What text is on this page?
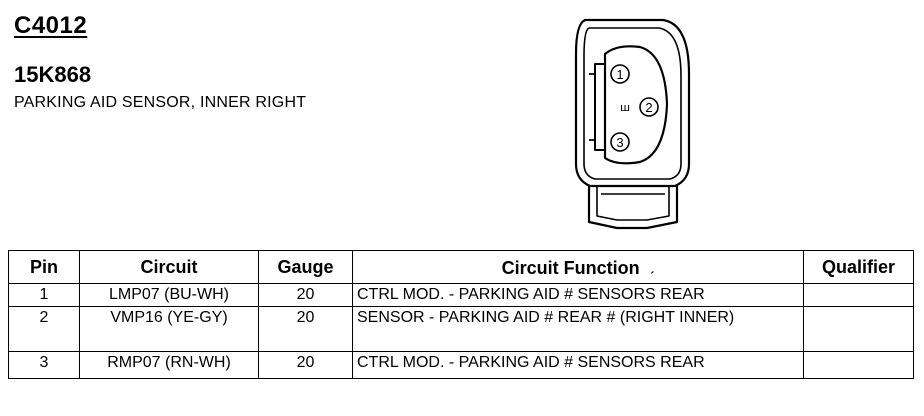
C4012
15K868
PARKING AID SENSOR, INNER RIGHT
1
2
3
ш
Pin	Circuit	Gauge	Circuit Function ˏ	Qualifier
1	LMP07 (BU-WH)	20	CTRL MOD. - PARKING AID # SENSORS REAR	
2	VMP16 (YE-GY)	20	SENSOR - PARKING AID # REAR # (RIGHT INNER)	
3	RMP07 (RN-WH)	20	CTRL MOD. - PARKING AID # SENSORS REAR	
